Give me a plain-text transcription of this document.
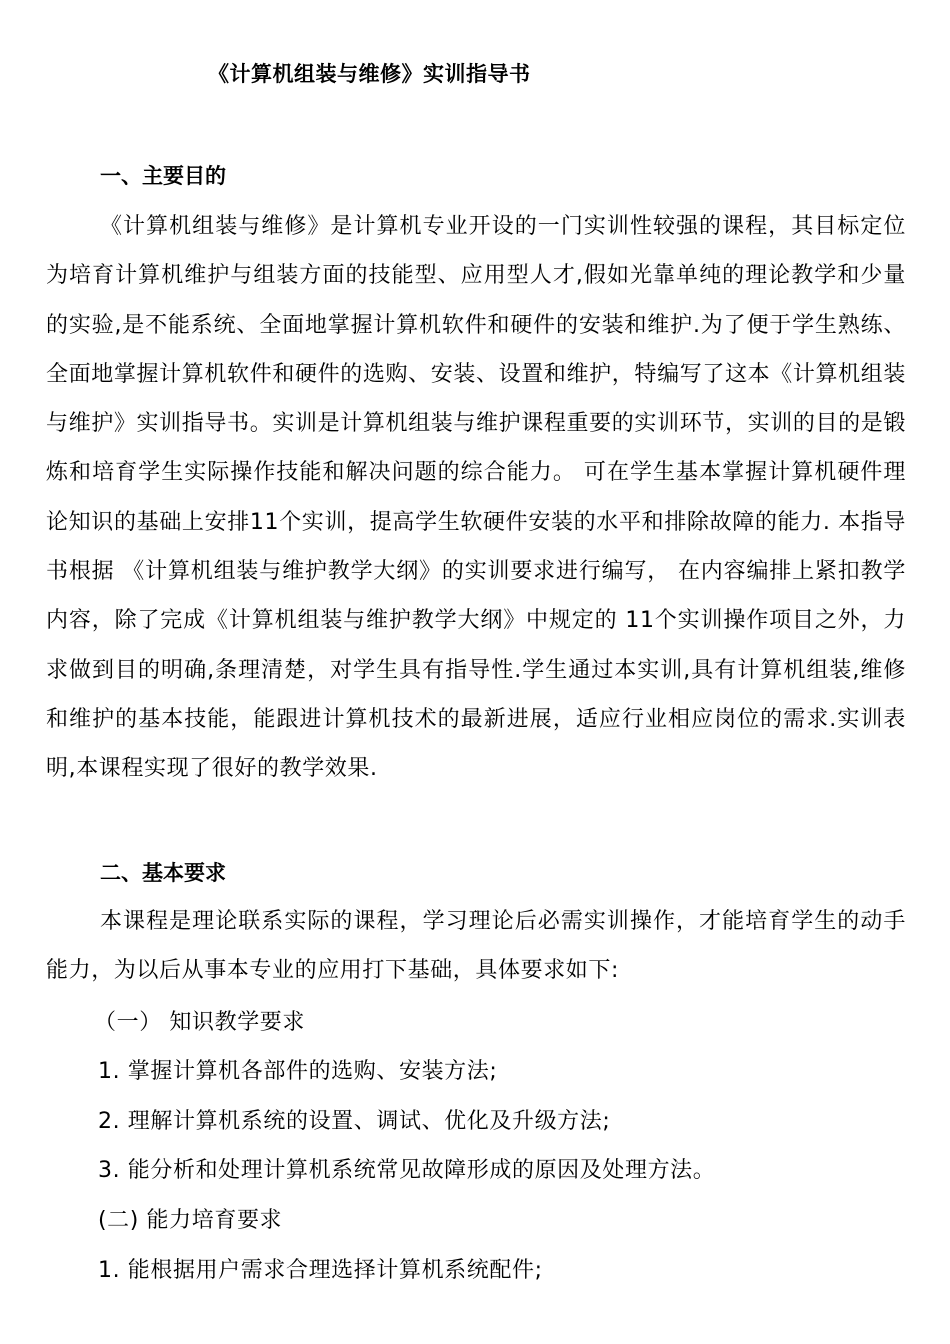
《计算机组装与维修》实训指导书
一、主要目的
《计算机组装与维修》是计算机专业开设的一门实训性较强的课程，其目标定位为培育计算机维护与组装方面的技能型、应用型人才,假如光靠单纯的理论教学和少量的实验,是不能系统、全面地掌握计算机软件和硬件的安装和维护.为了便于学生熟练、全面地掌握计算机软件和硬件的选购、安装、设置和维护，特编写了这本《计算机组装与维护》实训指导书。实训是计算机组装与维护课程重要的实训环节，实训的目的是锻炼和培育学生实际操作技能和解决问题的综合能力。 可在学生基本掌握计算机硬件理论知识的基础上安排11个实训，提高学生软硬件安装的水平和排除故障的能力. 本指导书根据 《计算机组装与维护教学大纲》的实训要求进行编写， 在内容编排上紧扣教学内容，除了完成《计算机组装与维护教学大纲》中规定的 11个实训操作项目之外，力求做到目的明确,条理清楚，对学生具有指导性.学生通过本实训,具有计算机组装,维修和维护的基本技能，能跟进计算机技术的最新进展，适应行业相应岗位的需求.实训表明,本课程实现了很好的教学效果.
二、基本要求
本课程是理论联系实际的课程，学习理论后必需实训操作，才能培育学生的动手能力，为以后从事本专业的应用打下基础，具体要求如下:
（一） 知识教学要求
1. 掌握计算机各部件的选购、安装方法;
2. 理解计算机系统的设置、调试、优化及升级方法;
3. 能分析和处理计算机系统常见故障形成的原因及处理方法。
(二) 能力培育要求
1. 能根据用户需求合理选择计算机系统配件;
